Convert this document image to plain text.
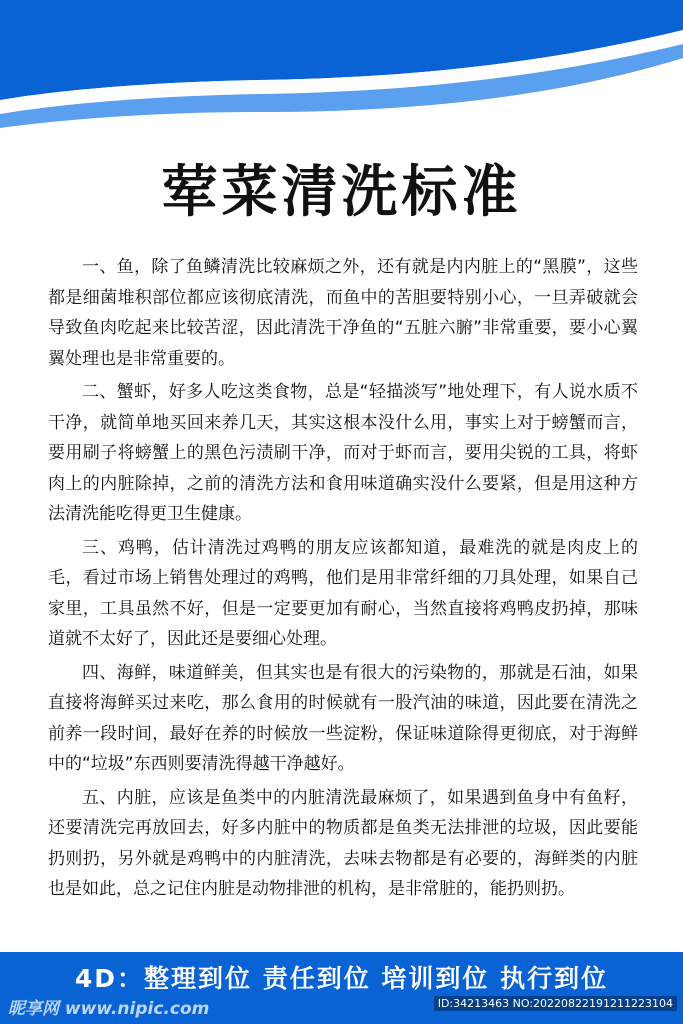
荤菜清洗标准

一、鱼，除了鱼鳞清洗比较麻烦之外，还有就是内内脏上的“黑膜”，这些都是细菌堆积部位都应该彻底清洗，而鱼中的苦胆要特别小心，一旦弄破就会导致鱼肉吃起来比较苦涩，因此清洗干净鱼的“五脏六腑”非常重要，要小心翼翼处理也是非常重要的。

二、蟹虾，好多人吃这类食物，总是“轻描淡写”地处理下，有人说水质不干净，就简单地买回来养几天，其实这根本没什么用，事实上对于螃蟹而言，要用刷子将螃蟹上的黑色污渍刷干净，而对于虾而言，要用尖锐的工具，将虾肉上的内脏除掉，之前的清洗方法和食用味道确实没什么要紧，但是用这种方法清洗能吃得更卫生健康。

三、鸡鸭，估计清洗过鸡鸭的朋友应该都知道，最难洗的就是肉皮上的毛，看过市场上销售处理过的鸡鸭，他们是用非常纤细的刀具处理，如果自己家里，工具虽然不好，但是一定要更加有耐心，当然直接将鸡鸭皮扔掉，那味道就不太好了，因此还是要细心处理。

四、海鲜，味道鲜美，但其实也是有很大的污染物的，那就是石油，如果直接将海鲜买过来吃，那么食用的时候就有一股汽油的味道，因此要在清洗之前养一段时间，最好在养的时候放一些淀粉，保证味道除得更彻底，对于海鲜中的“垃圾”东西则要清洗得越干净越好。

五、内脏，应该是鱼类中的内脏清洗最麻烦了，如果遇到鱼身中有鱼籽，还要清洗完再放回去，好多内脏中的物质都是鱼类无法排泄的垃圾，因此要能扔则扔，另外就是鸡鸭中的内脏清洗，去味去物都是有必要的，海鲜类的内脏也是如此，总之记住内脏是动物排泄的机构，是非常脏的，能扔则扔。

4D：整理到位 责任到位 培训到位 执行到位
昵享网 www.nipic.com	ID:34213463 NO:20220822191211223104
